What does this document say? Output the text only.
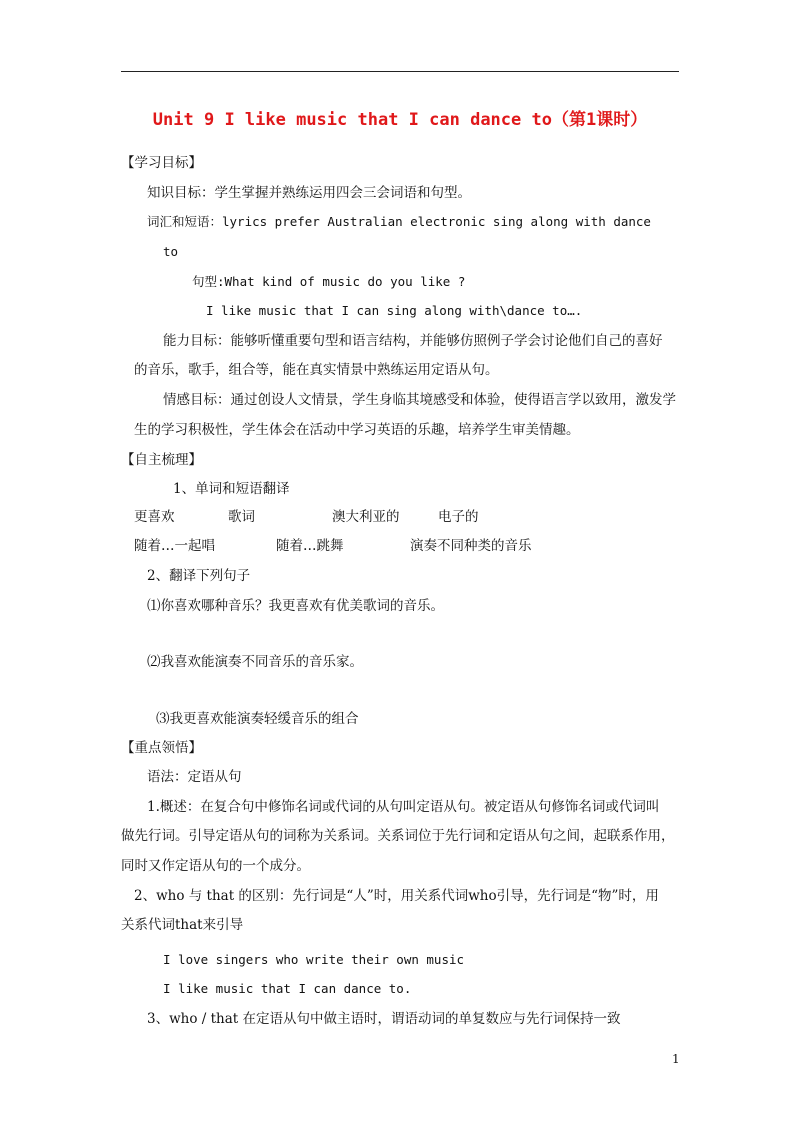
Unit 9 I like music that I can dance to（第1课时）
【学习目标】
知识目标：学生掌握并熟练运用四会三会词语和句型。
词汇和短语：lyrics prefer Australian electronic sing along with dance
to
句型:What kind of music do you like ?
I like music that I can sing along with\dance to….
能力目标：能够听懂重要句型和语言结构，并能够仿照例子学会讨论他们自己的喜好
的音乐，歌手，组合等，能在真实情景中熟练运用定语从句。
情感目标：通过创设人文情景，学生身临其境感受和体验，使得语言学以致用，激发学
生的学习积极性，学生体会在活动中学习英语的乐趣，培养学生审美情趣。
【自主梳理】
1、单词和短语翻译
更喜欢	歌词	澳大利亚的	电子的
随着…一起唱	随着…跳舞	演奏不同种类的音乐
2、翻译下列句子
⑴你喜欢哪种音乐？我更喜欢有优美歌词的音乐。
⑵我喜欢能演奏不同音乐的音乐家。
⑶我更喜欢能演奏轻缓音乐的组合
【重点领悟】
语法：定语从句
1.概述：在复合句中修饰名词或代词的从句叫定语从句。被定语从句修饰名词或代词叫
做先行词。引导定语从句的词称为关系词。关系词位于先行词和定语从句之间，起联系作用，
同时又作定语从句的一个成分。
2、who 与 that 的区别：先行词是“人”时，用关系代词who引导，先行词是“物”时，用
关系代词that来引导
I love singers who write their own music
I like music that I can dance to.
3、who / that 在定语从句中做主语时，谓语动词的单复数应与先行词保持一致
1
